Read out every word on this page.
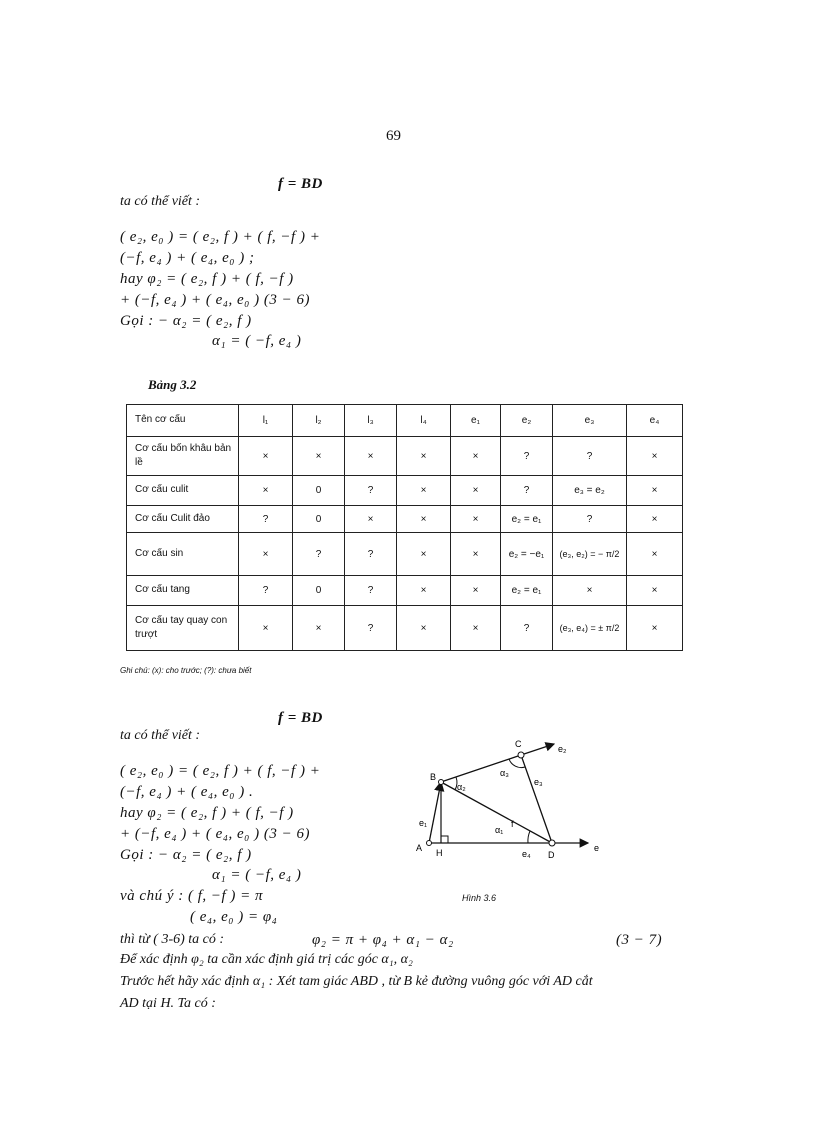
69
f = BD
ta có thể viết :
( e₂, e₀ ) = ( e₂, f ) + ( f, −f ) +
(−f, e₄ ) + ( e₄, e₀ ) ;
hay φ₂ = ( e₂, f ) + ( f, −f )
+ (−f, e₄ ) + ( e₄, e₀ ) (3 − 6)
Gọi : − α₂ = ( e₂, f )
α₁ = ( −f, e₄ )
Bảng 3.2
Tên cơ cấu	l₁	l₂	l₃	l₄	e₁	e₂	e₃	e₄
Cơ cấu bốn khâu bản lề	×	×	×	×	×	?	?	×
Cơ cấu culit	×	0	?	×	×	?	e₃ = e₂	×
Cơ cấu Culit đảo	?	0	×	×	×	e₂ = e₁	?	×
Cơ cấu sin	×	?	?	×	×	e₂ = −e₁	(e₃, e₂) = − π/2	×
Cơ cấu tang	?	0	?	×	×	e₂ = e₁	×	×
Cơ cấu tay quay con trượt	×	×	?	×	×	?	(e₃, e₄) = ± π/2	×
Ghi chú: (x): cho trước; (?): chưa biết
f = BD
ta có thể viết :
( e₂, e₀ ) = ( e₂, f ) + ( f, −f ) +
(−f, e₄ ) + ( e₄, e₀ ) .
hay φ₂ = ( e₂, f ) + ( f, −f )
+ (−f, e₄ ) + ( e₄, e₀ ) (3 − 6)
Gọi : − α₂ = ( e₂, f )
α₁ = ( −f, e₄ )
và chú ý : ( f, −f ) = π
( e₄, e₀ ) = φ₄
thì từ ( 3-6) ta có :	φ₂ = π + φ₄ + α₁ − α₂	(3 − 7)
Để xác định φ₂ ta cần xác định giá trị các góc α₁, α₂
Trước hết hãy xác định α₁ : Xét tam giác ABD , từ B kẻ đường vuông góc với AD cắt
AD tại H. Ta có :
A H
B
C
D
e₁
e₂
e₃
e₄
e
f
α₁
α₂
α₃
Hình 3.6
